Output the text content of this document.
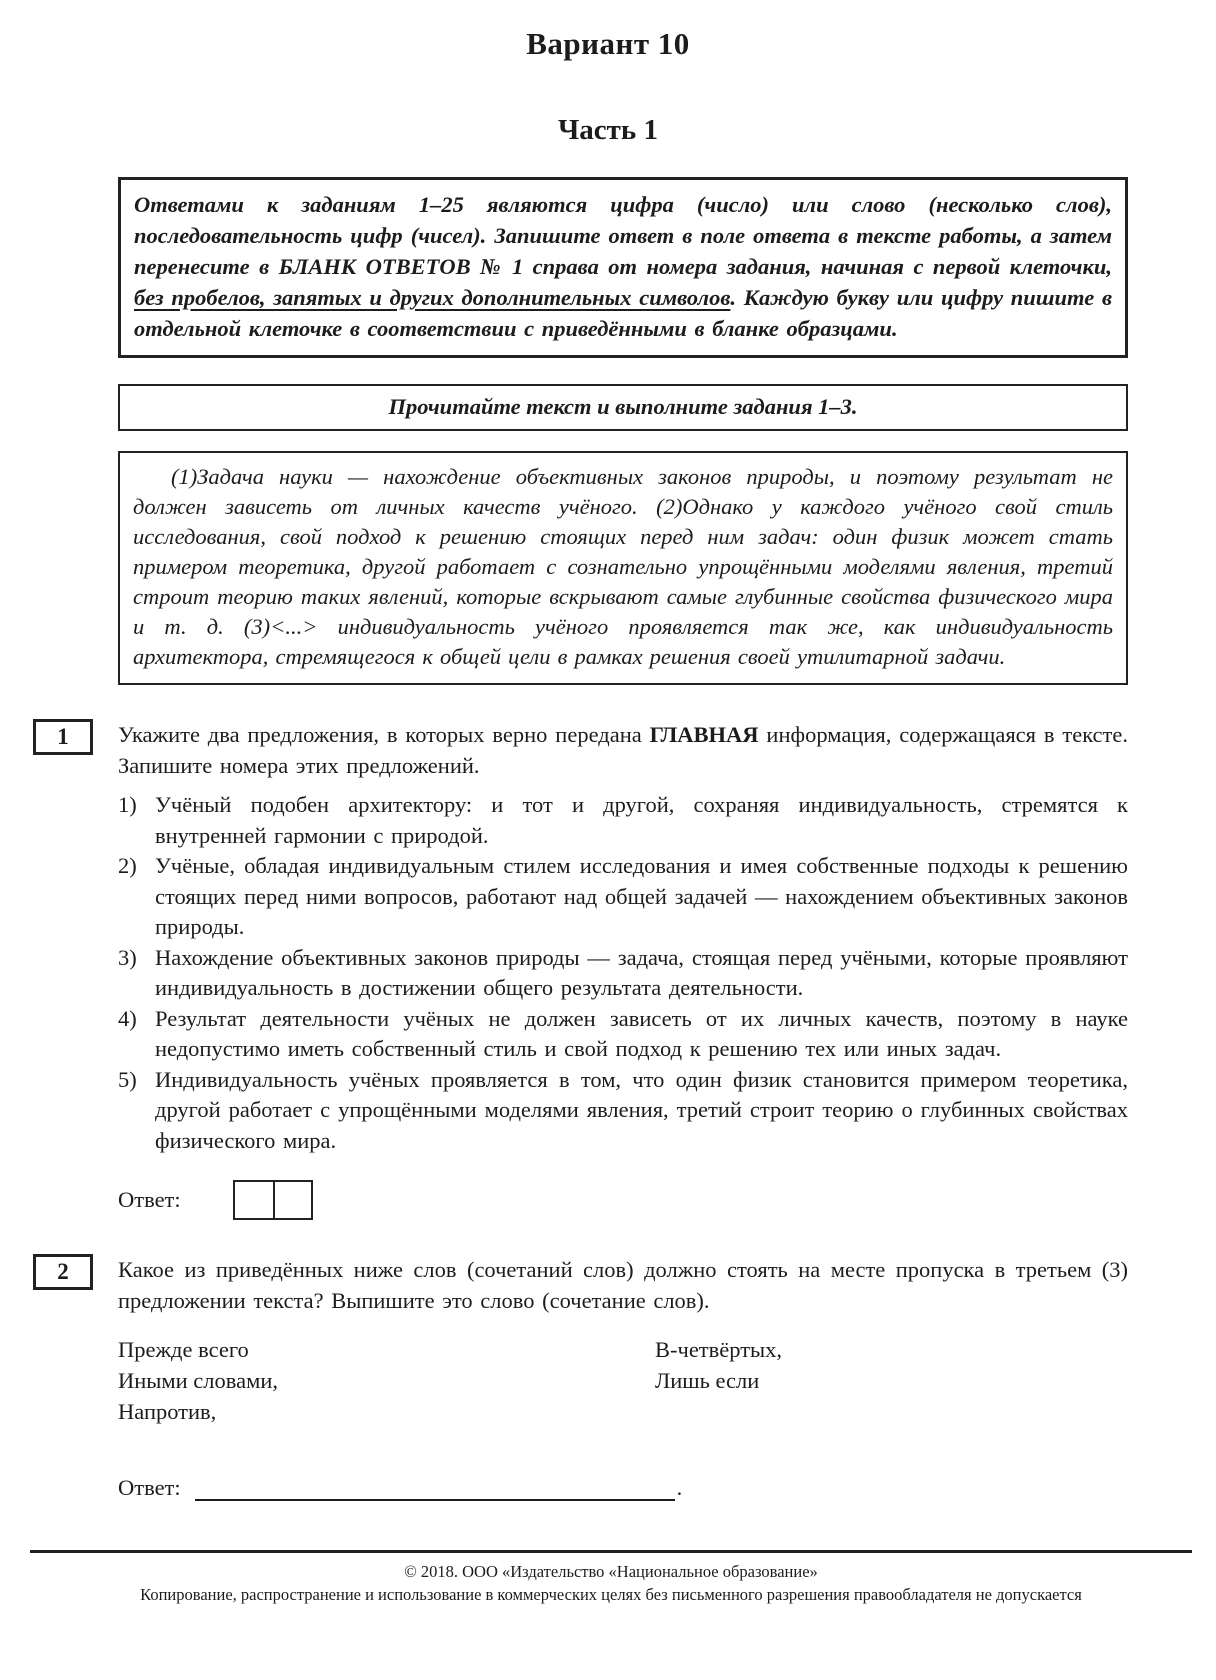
Вариант 10
Часть 1

Ответами к заданиям 1–25 являются цифра (число) или слово (несколько слов), последовательность цифр (чисел). Запишите ответ в поле ответа в тексте работы, а затем перенесите в БЛАНК ОТВЕТОВ № 1 справа от номера задания, начиная с первой клеточки, без пробелов, запятых и других дополнительных символов. Каждую букву или цифру пишите в отдельной клеточке в соответствии с приведёнными в бланке образцами.

Прочитайте текст и выполните задания 1–3.

(1)Задача науки — нахождение объективных законов природы, и поэтому результат не должен зависеть от личных качеств учёного. (2)Однако у каждого учёного свой стиль исследования, свой подход к решению стоящих перед ним задач: один физик может стать примером теоретика, другой работает с сознательно упрощёнными моделями явления, третий строит теорию таких явлений, которые вскрывают самые глубинные свойства физического мира и т. д. (3)<...> индивидуальность учёного проявляется так же, как индивидуальность архитектора, стремящегося к общей цели в рамках решения своей утилитарной задачи.

1 Укажите два предложения, в которых верно передана ГЛАВНАЯ информация, содержащаяся в тексте. Запишите номера этих предложений.

1) Учёный подобен архитектору: и тот и другой, сохраняя индивидуальность, стремятся к внутренней гармонии с природой.
2) Учёные, обладая индивидуальным стилем исследования и имея собственные подходы к решению стоящих перед ними вопросов, работают над общей задачей — нахождением объективных законов природы.
3) Нахождение объективных законов природы — задача, стоящая перед учёными, которые проявляют индивидуальность в достижении общего результата деятельности.
4) Результат деятельности учёных не должен зависеть от их личных качеств, поэтому в науке недопустимо иметь собственный стиль и свой подход к решению тех или иных задач.
5) Индивидуальность учёных проявляется в том, что один физик становится примером теоретика, другой работает с упрощёнными моделями явления, третий строит теорию о глубинных свойствах физического мира.
Ответ:
2 Какое из приведённых ниже слов (сочетаний слов) должно стоять на месте пропуска в третьем (3) предложении текста? Выпишите это слово (сочетание слов).

Прежде всего
Иными словами,
Напротив,
В-четвёртых,
Лишь если
Ответ:	.

© 2018. ООО «Издательство «Национальное образование»

Копирование, распространение и использование в коммерческих целях без письменного разрешения правообладателя не допускается
